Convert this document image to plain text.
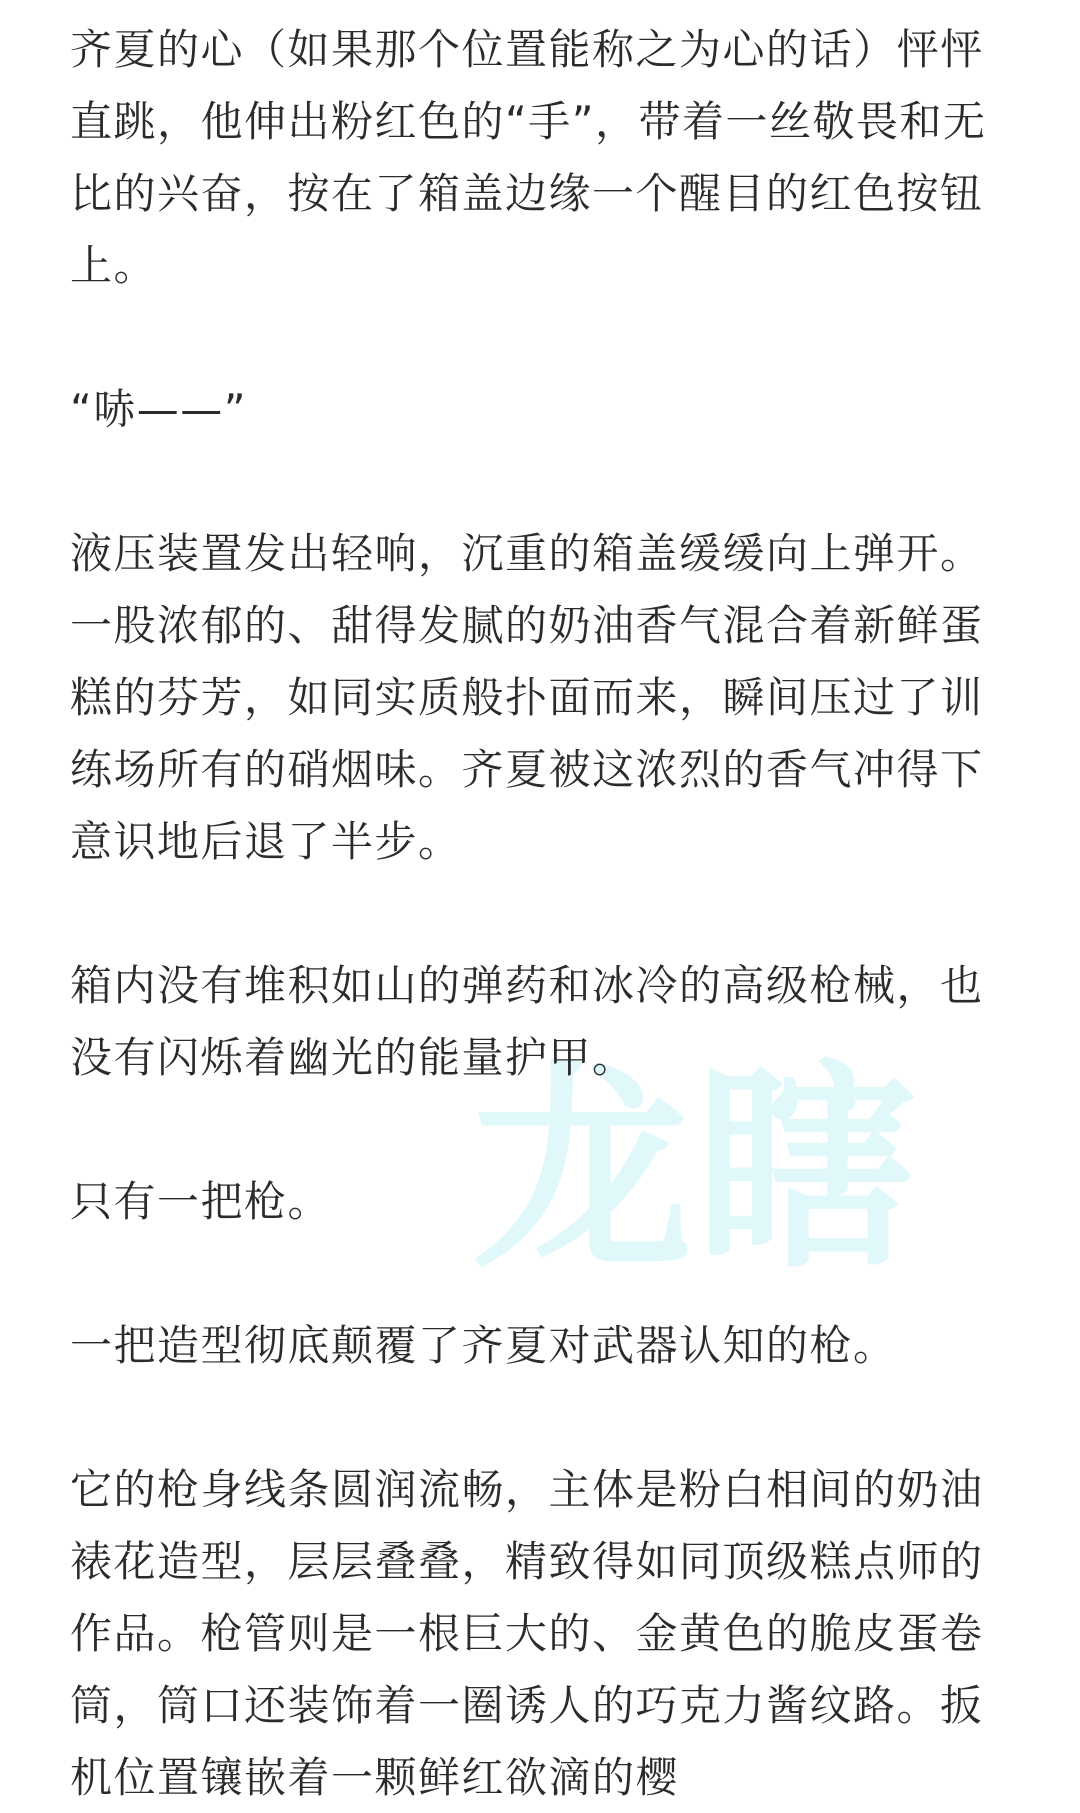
龙瞎

齐夏的心（如果那个位置能称之为心的话）怦怦直跳，他伸出粉红色的“手”，带着一丝敬畏和无比的兴奋，按在了箱盖边缘一个醒目的红色按钮上。

“哧——”

液压装置发出轻响，沉重的箱盖缓缓向上弹开。一股浓郁的、甜得发腻的奶油香气混合着新鲜蛋糕的芬芳，如同实质般扑面而来，瞬间压过了训练场所有的硝烟味。齐夏被这浓烈的香气冲得下意识地后退了半步。

箱内没有堆积如山的弹药和冰冷的高级枪械，也没有闪烁着幽光的能量护甲。

只有一把枪。

一把造型彻底颠覆了齐夏对武器认知的枪。

它的枪身线条圆润流畅，主体是粉白相间的奶油裱花造型，层层叠叠，精致得如同顶级糕点师的作品。枪管则是一根巨大的、金黄色的脆皮蛋卷筒，筒口还装饰着一圈诱人的巧克力酱纹路。扳机位置镶嵌着一颗鲜红欲滴的樱
